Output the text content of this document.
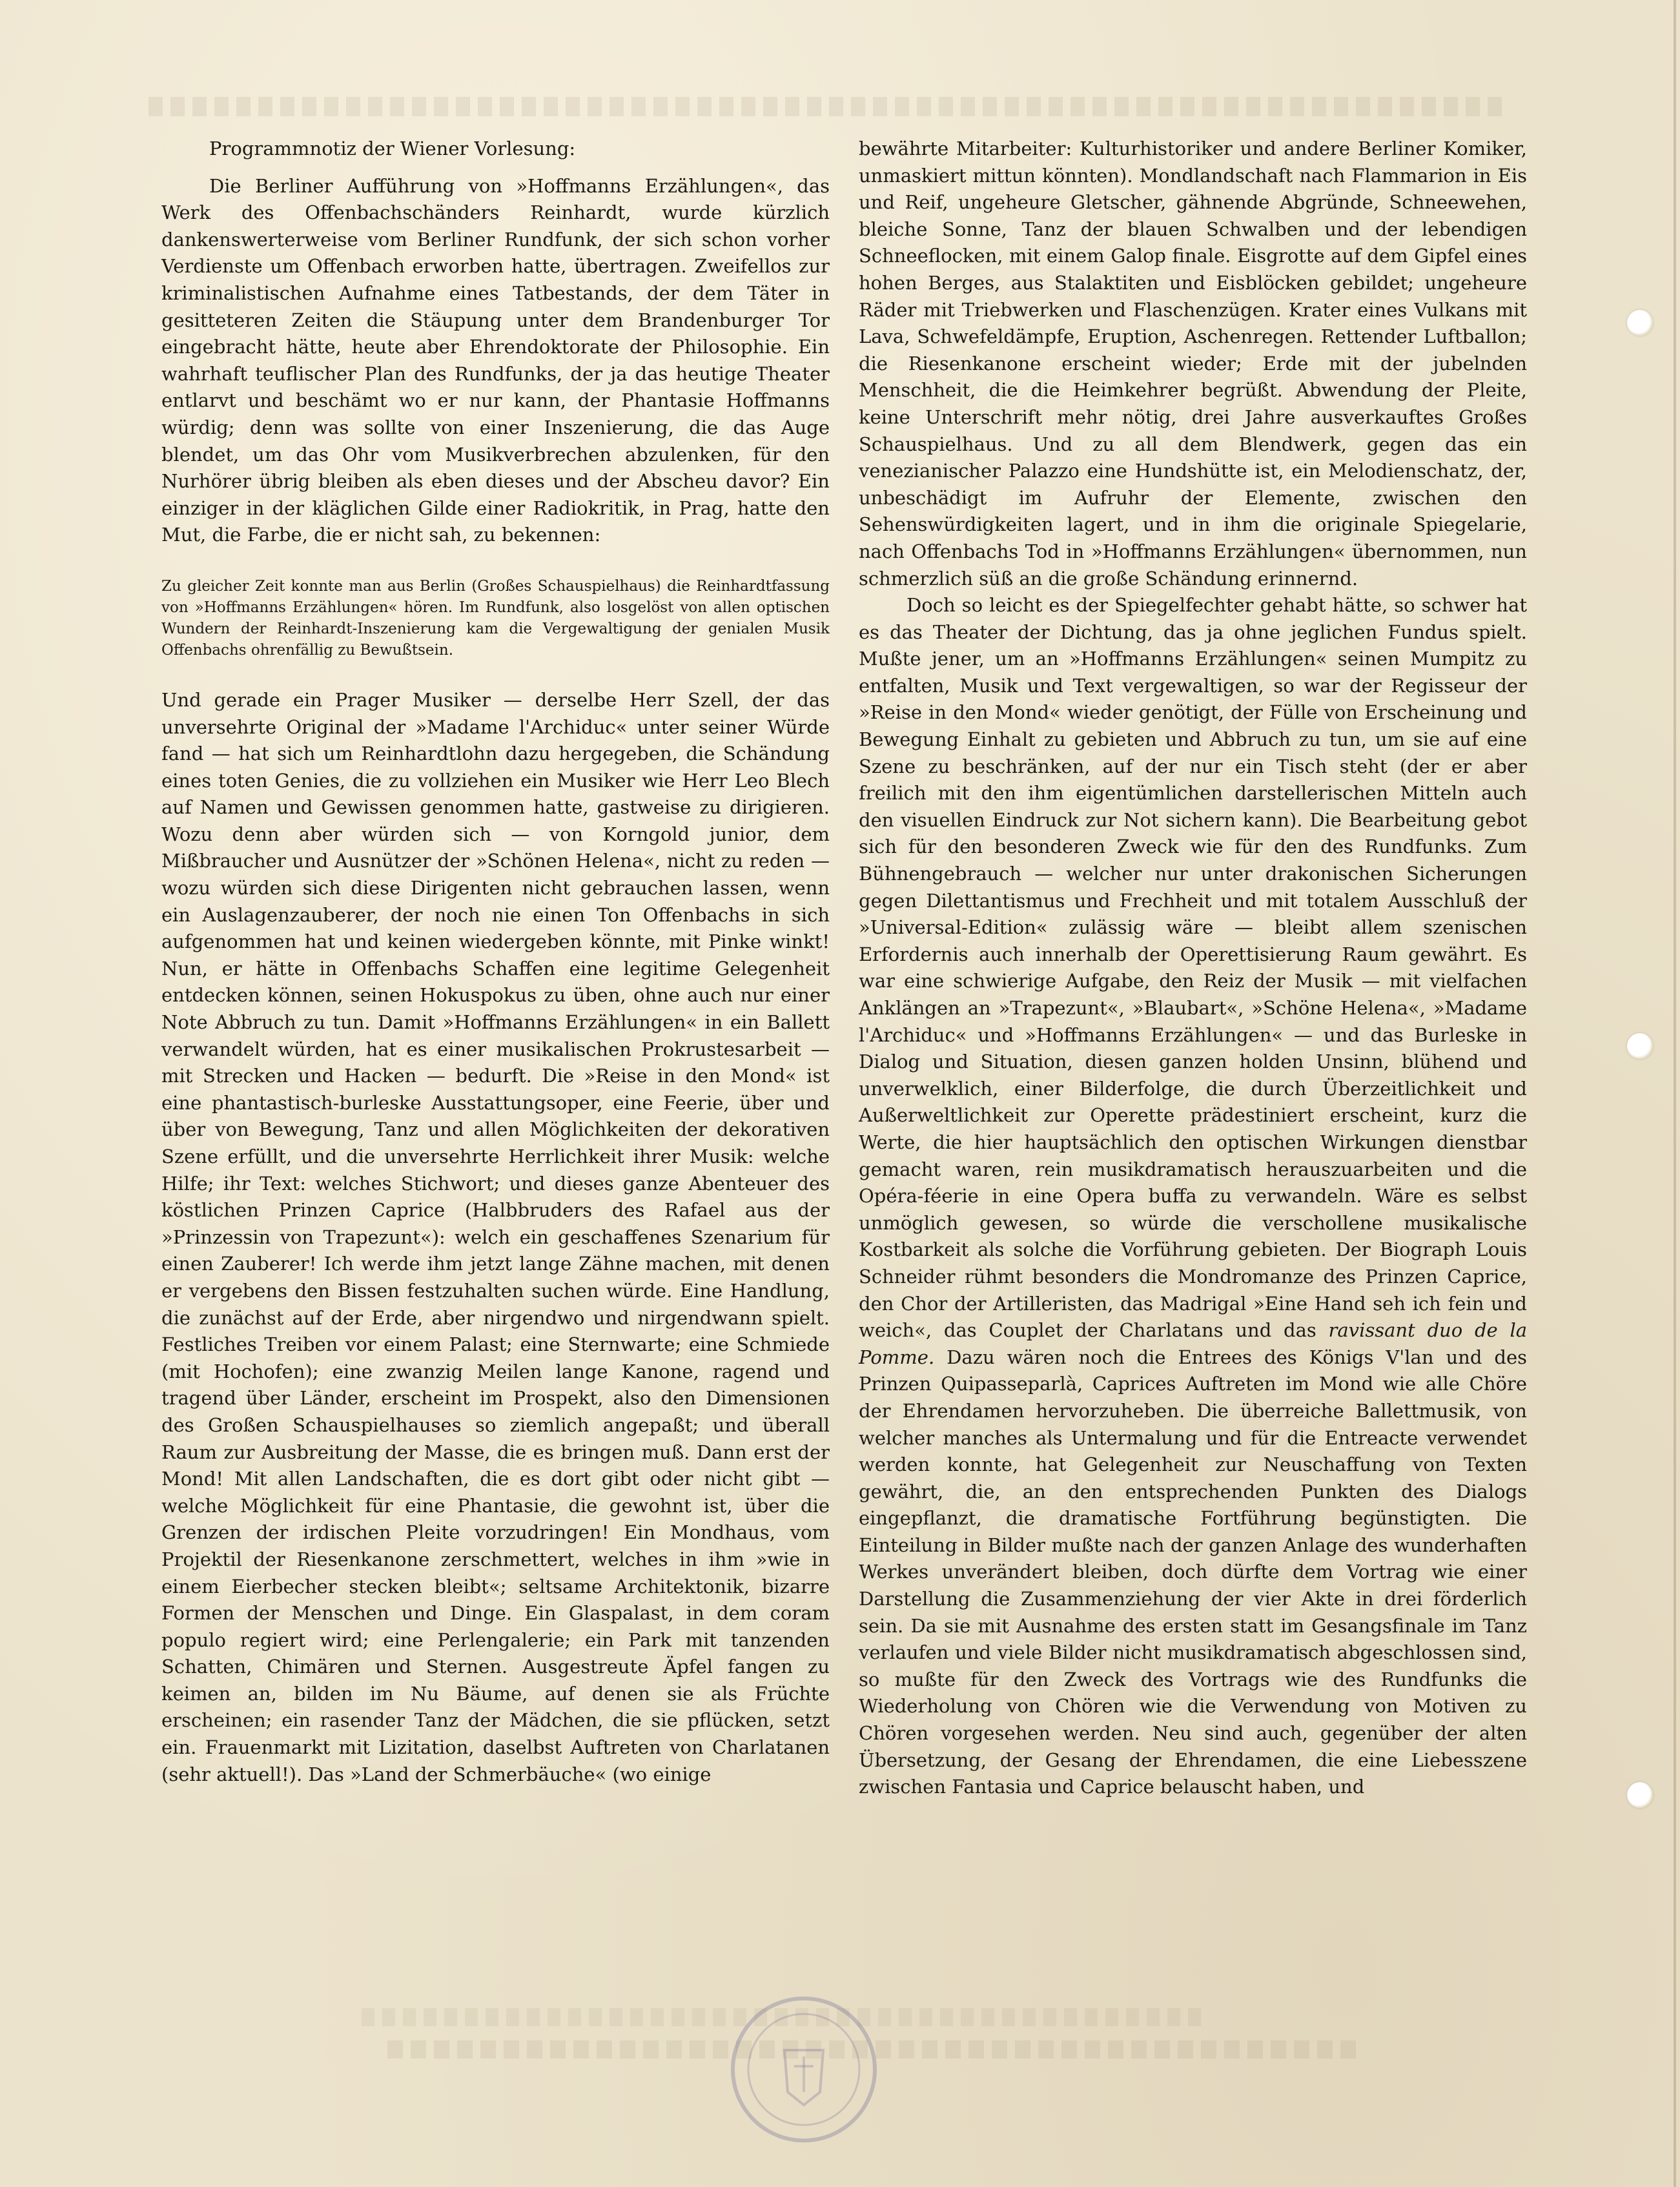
Programmnotiz der Wiener Vorlesung:

Die Berliner Aufführung von »Hoffmanns Erzählungen«, das Werk des Offenbachschänders Reinhardt, wurde kürzlich dankenswerterweise vom Berliner Rundfunk, der sich schon vorher Verdienste um Offenbach erworben hatte, übertragen. Zweifellos zur kriminalistischen Aufnahme eines Tatbestands, der dem Täter in gesitteteren Zeiten die Stäupung unter dem Brandenburger Tor eingebracht hätte, heute aber Ehrendoktorate der Philosophie. Ein wahrhaft teuflischer Plan des Rundfunks, der ja das heutige Theater entlarvt und beschämt wo er nur kann, der Phantasie Hoffmanns würdig; denn was sollte von einer Inszenierung, die das Auge blendet, um das Ohr vom Musikverbrechen abzulenken, für den Nurhörer übrig bleiben als eben dieses und der Abscheu davor? Ein einziger in der kläglichen Gilde einer Radiokritik, in Prag, hatte den Mut, die Farbe, die er nicht sah, zu bekennen:

Zu gleicher Zeit konnte man aus Berlin (Großes Schauspielhaus) die Reinhardtfassung von »Hoffmanns Erzählungen« hören. Im Rundfunk, also losgelöst von allen optischen Wundern der Reinhardt-Inszenierung kam die Vergewaltigung der genialen Musik Offenbachs ohrenfällig zu Bewußtsein.

Und gerade ein Prager Musiker — derselbe Herr Szell, der das unversehrte Original der »Madame l'Archiduc« unter seiner Würde fand — hat sich um Reinhardtlohn dazu hergegeben, die Schändung eines toten Genies, die zu vollziehen ein Musiker wie Herr Leo Blech auf Namen und Gewissen genommen hatte, gastweise zu dirigieren. Wozu denn aber würden sich — von Korngold junior, dem Mißbraucher und Ausnützer der »Schönen Helena«, nicht zu reden — wozu würden sich diese Dirigenten nicht gebrauchen lassen, wenn ein Auslagenzauberer, der noch nie einen Ton Offenbachs in sich aufgenommen hat und keinen wiedergeben könnte, mit Pinke winkt! Nun, er hätte in Offenbachs Schaffen eine legitime Gelegenheit entdecken können, seinen Hokuspokus zu üben, ohne auch nur einer Note Abbruch zu tun. Damit »Hoffmanns Erzählungen« in ein Ballett verwandelt würden, hat es einer musikalischen Prokrustesarbeit — mit Strecken und Hacken — bedurft. Die »Reise in den Mond« ist eine phantastisch-burleske Ausstattungsoper, eine Feerie, über und über von Bewegung, Tanz und allen Möglichkeiten der dekorativen Szene erfüllt, und die unversehrte Herrlichkeit ihrer Musik: welche Hilfe; ihr Text: welches Stichwort; und dieses ganze Abenteuer des köstlichen Prinzen Caprice (Halbbruders des Rafael aus der »Prinzessin von Trapezunt«): welch ein geschaffenes Szenarium für einen Zauberer! Ich werde ihm jetzt lange Zähne machen, mit denen er vergebens den Bissen festzuhalten suchen würde. Eine Handlung, die zunächst auf der Erde, aber nirgendwo und nirgendwann spielt. Festliches Treiben vor einem Palast; eine Sternwarte; eine Schmiede (mit Hochofen); eine zwanzig Meilen lange Kanone, ragend und tragend über Länder, erscheint im Prospekt, also den Dimensionen des Großen Schauspielhauses so ziemlich angepaßt; und überall Raum zur Ausbreitung der Masse, die es bringen muß. Dann erst der Mond! Mit allen Landschaften, die es dort gibt oder nicht gibt — welche Möglichkeit für eine Phantasie, die gewohnt ist, über die Grenzen der irdischen Pleite vorzudringen! Ein Mondhaus, vom Projektil der Riesenkanone zerschmettert, welches in ihm »wie in einem Eierbecher stecken bleibt«; seltsame Architektonik, bizarre Formen der Menschen und Dinge. Ein Glaspalast, in dem coram populo regiert wird; eine Perlengalerie; ein Park mit tanzenden Schatten, Chimären und Sternen. Ausgestreute Äpfel fangen zu keimen an, bilden im Nu Bäume, auf denen sie als Früchte erscheinen; ein rasender Tanz der Mädchen, die sie pflücken, setzt ein. Frauenmarkt mit Lizitation, daselbst Auftreten von Charlatanen (sehr aktuell!). Das »Land der Schmerbäuche« (wo einige

bewährte Mitarbeiter: Kulturhistoriker und andere Berliner Komiker, unmaskiert mittun könnten). Mondlandschaft nach Flammarion in Eis und Reif, ungeheure Gletscher, gähnende Abgründe, Schneewehen, bleiche Sonne, Tanz der blauen Schwalben und der lebendigen Schneeflocken, mit einem Galop finale. Eisgrotte auf dem Gipfel eines hohen Berges, aus Stalaktiten und Eisblöcken gebildet; ungeheure Räder mit Triebwerken und Flaschenzügen. Krater eines Vulkans mit Lava, Schwefeldämpfe, Eruption, Aschenregen. Rettender Luftballon; die Riesenkanone erscheint wieder; Erde mit der jubelnden Menschheit, die die Heimkehrer begrüßt. Abwendung der Pleite, keine Unterschrift mehr nötig, drei Jahre ausverkauftes Großes Schauspielhaus. Und zu all dem Blendwerk, gegen das ein venezianischer Palazzo eine Hundshütte ist, ein Melodienschatz, der, unbeschädigt im Aufruhr der Elemente, zwischen den Sehenswürdigkeiten lagert, und in ihm die originale Spiegelarie, nach Offenbachs Tod in »Hoffmanns Erzählungen« übernommen, nun schmerzlich süß an die große Schändung erinnernd.

Doch so leicht es der Spiegelfechter gehabt hätte, so schwer hat es das Theater der Dichtung, das ja ohne jeglichen Fundus spielt. Mußte jener, um an »Hoffmanns Erzählungen« seinen Mumpitz zu entfalten, Musik und Text vergewaltigen, so war der Regisseur der »Reise in den Mond« wieder genötigt, der Fülle von Erscheinung und Bewegung Einhalt zu gebieten und Abbruch zu tun, um sie auf eine Szene zu beschränken, auf der nur ein Tisch steht (der er aber freilich mit den ihm eigentümlichen darstellerischen Mitteln auch den visuellen Eindruck zur Not sichern kann). Die Bearbeitung gebot sich für den besonderen Zweck wie für den des Rundfunks. Zum Bühnengebrauch — welcher nur unter drakonischen Sicherungen gegen Dilettantismus und Frechheit und mit totalem Ausschluß der »Universal-Edition« zulässig wäre — bleibt allem szenischen Erfordernis auch innerhalb der Operettisierung Raum gewährt. Es war eine schwierige Aufgabe, den Reiz der Musik — mit vielfachen Anklängen an »Trapezunt«, »Blaubart«, »Schöne Helena«, »Madame l'Archiduc« und »Hoffmanns Erzählungen« — und das Burleske in Dialog und Situation, diesen ganzen holden Unsinn, blühend und unverwelklich, einer Bilderfolge, die durch Überzeitlichkeit und Außerweltlichkeit zur Operette prädestiniert erscheint, kurz die Werte, die hier hauptsächlich den optischen Wirkungen dienstbar gemacht waren, rein musikdramatisch herauszuarbeiten und die Opéra-féerie in eine Opera buffa zu verwandeln. Wäre es selbst unmöglich gewesen, so würde die verschollene musikalische Kostbarkeit als solche die Vorführung gebieten. Der Biograph Louis Schneider rühmt besonders die Mondromanze des Prinzen Caprice, den Chor der Artilleristen, das Madrigal »Eine Hand seh ich fein und weich«, das Couplet der Charlatans und das ravissant duo de la Pomme. Dazu wären noch die Entrees des Königs V'lan und des Prinzen Quipasseparlà, Caprices Auftreten im Mond wie alle Chöre der Ehrendamen hervorzuheben. Die überreiche Ballettmusik, von welcher manches als Untermalung und für die Entreacte verwendet werden konnte, hat Gelegenheit zur Neuschaffung von Texten gewährt, die, an den entsprechenden Punkten des Dialogs eingepflanzt, die dramatische Fortführung begünstigten. Die Einteilung in Bilder mußte nach der ganzen Anlage des wunderhaften Werkes unverändert bleiben, doch dürfte dem Vortrag wie einer Darstellung die Zusammenziehung der vier Akte in drei förderlich sein. Da sie mit Ausnahme des ersten statt im Gesangsfinale im Tanz verlaufen und viele Bilder nicht musikdramatisch abgeschlossen sind, so mußte für den Zweck des Vortrags wie des Rundfunks die Wiederholung von Chören wie die Verwendung von Motiven zu Chören vorgesehen werden. Neu sind auch, gegenüber der alten Übersetzung, der Gesang der Ehrendamen, die eine Liebesszene zwischen Fantasia und Caprice belauscht haben, und
